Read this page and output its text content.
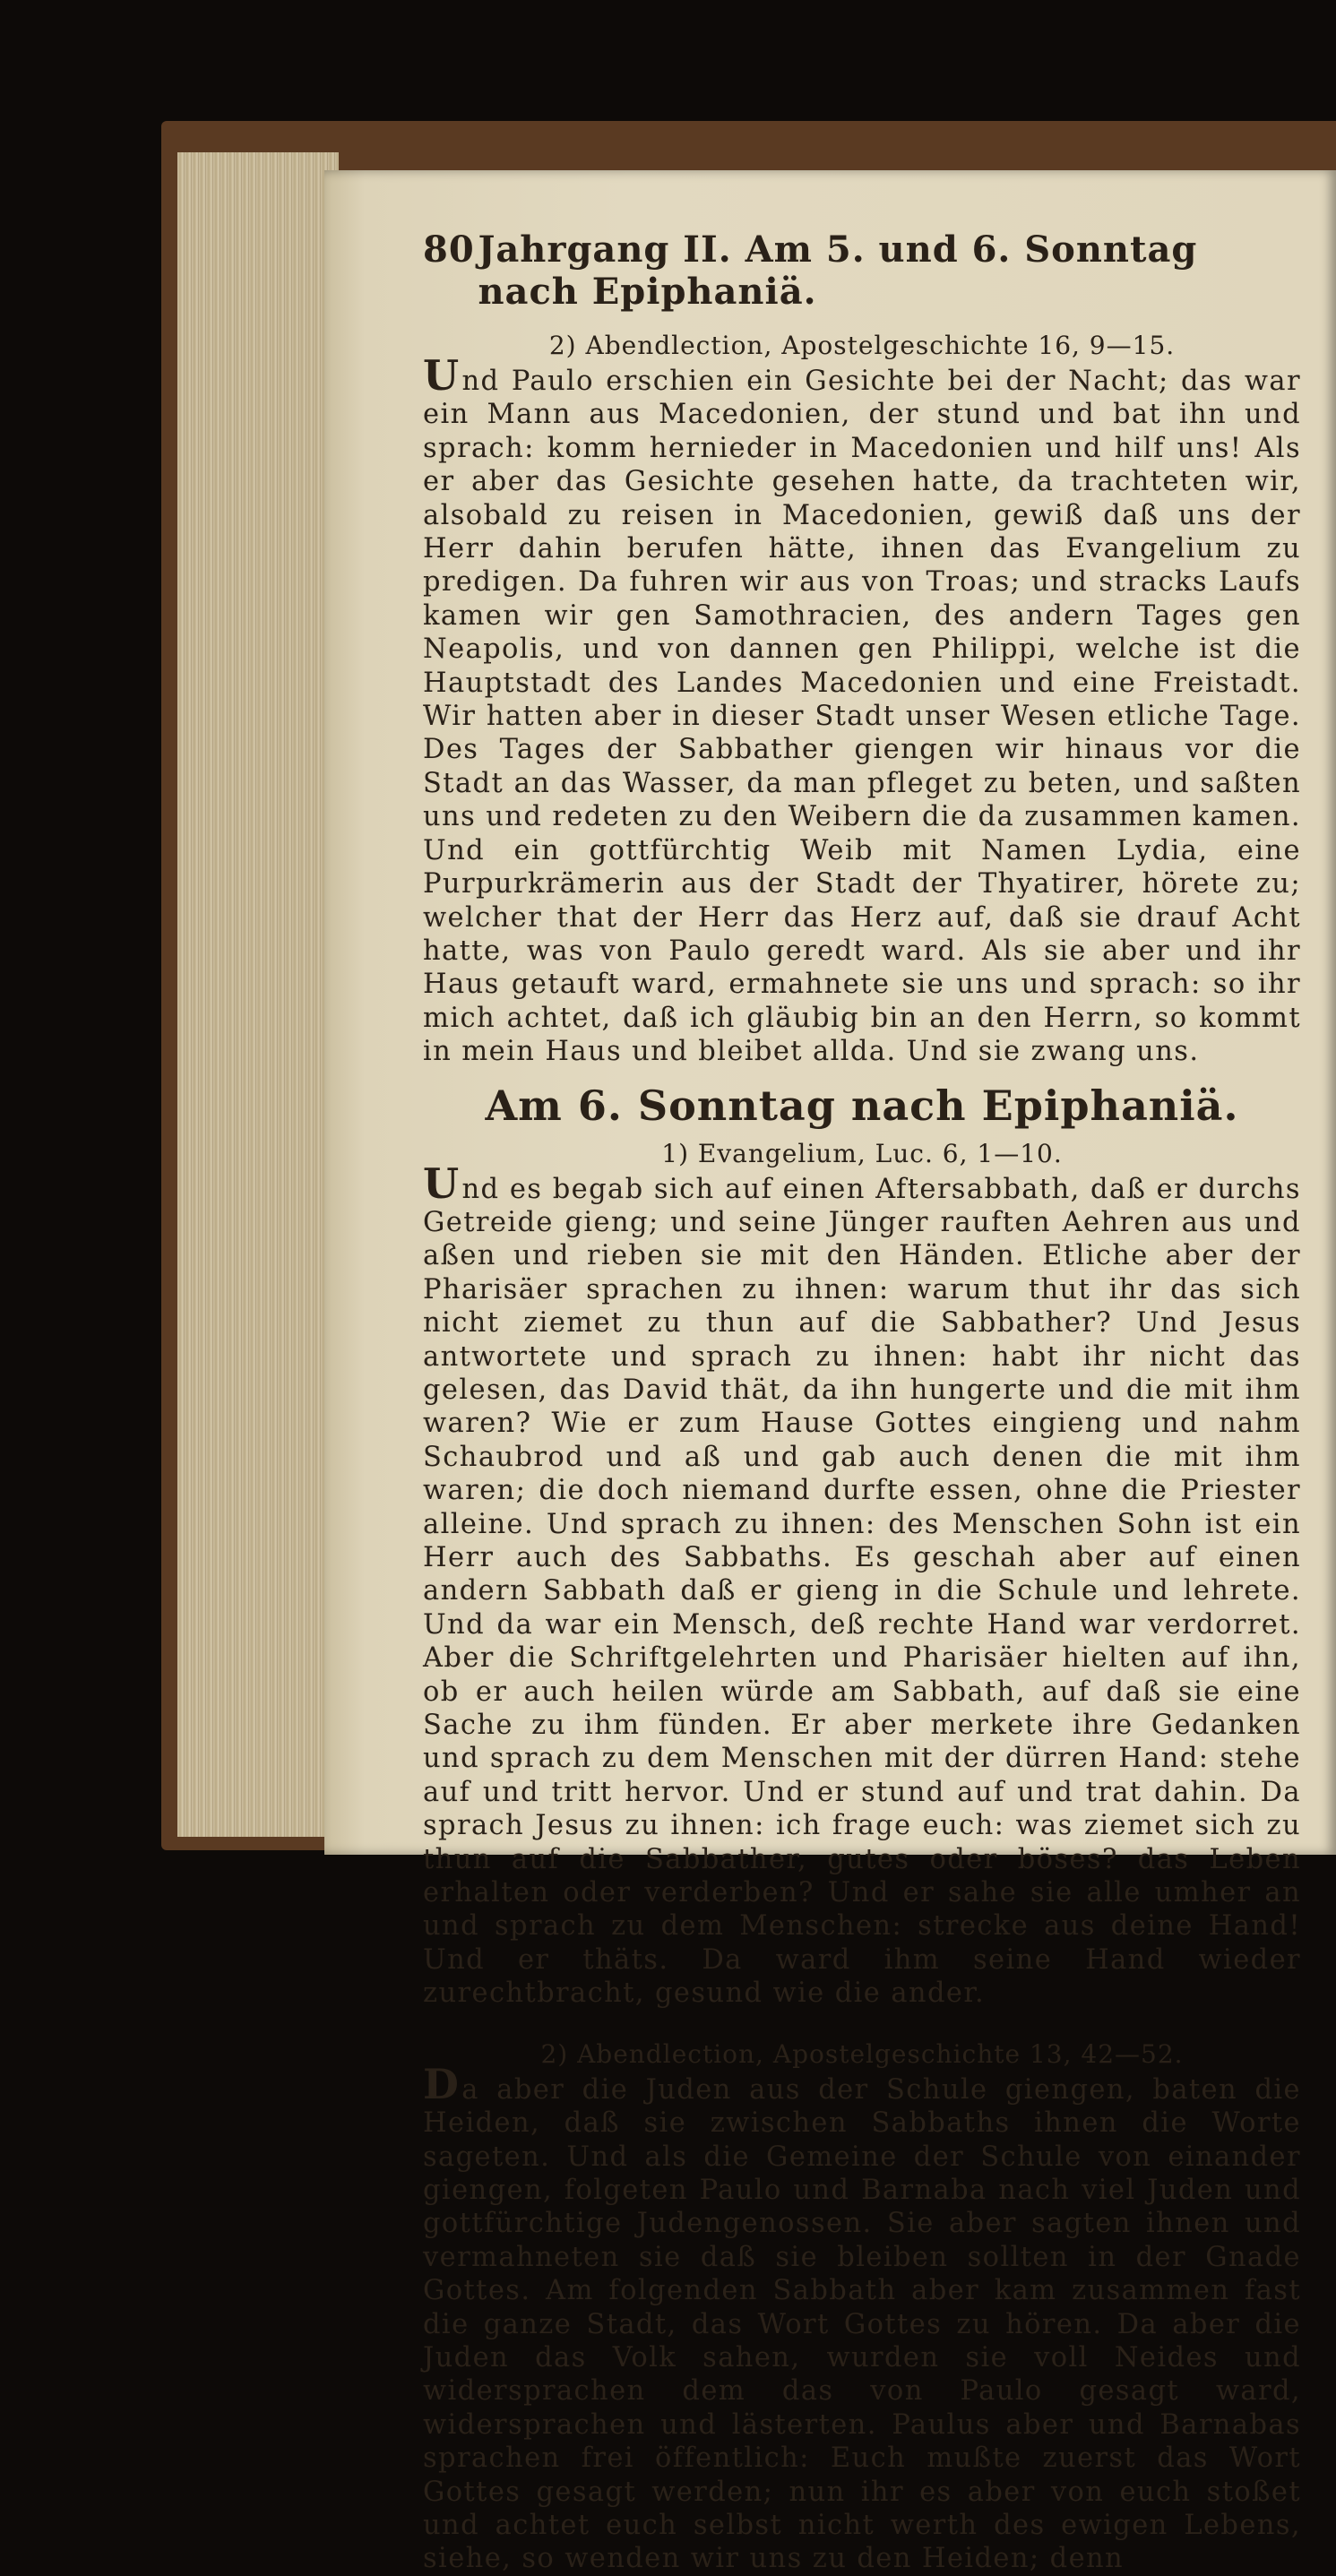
80 Jahrgang II. Am 5. und 6. Sonntag nach Epiphaniä.
2) Abendlection, Apostelgeschichte 16, 9—15.

Und Paulo erschien ein Gesichte bei der Nacht; das war ein Mann aus Macedonien, der stund und bat ihn und sprach: komm hernieder in Macedonien und hilf uns! Als er aber das Gesichte gesehen hatte, da trachteten wir, alsobald zu reisen in Macedonien, gewiß daß uns der Herr dahin berufen hätte, ihnen das Evangelium zu predigen. Da fuhren wir aus von Troas; und stracks Laufs kamen wir gen Samothracien, des andern Tages gen Neapolis, und von dannen gen Philippi, welche ist die Hauptstadt des Landes Macedonien und eine Freistadt. Wir hatten aber in dieser Stadt unser Wesen etliche Tage. Des Tages der Sabbather giengen wir hinaus vor die Stadt an das Wasser, da man pfleget zu beten, und saßten uns und redeten zu den Weibern die da zusammen kamen. Und ein gottfürchtig Weib mit Namen Lydia, eine Purpurkrämerin aus der Stadt der Thyatirer, hörete zu; welcher that der Herr das Herz auf, daß sie drauf Acht hatte, was von Paulo geredt ward. Als sie aber und ihr Haus getauft ward, ermahnete sie uns und sprach: so ihr mich achtet, daß ich gläubig bin an den Herrn, so kommt in mein Haus und bleibet allda. Und sie zwang uns.

Am 6. Sonntag nach Epiphaniä.
1) Evangelium, Luc. 6, 1—10.

Und es begab sich auf einen Aftersabbath, daß er durchs Getreide gieng; und seine Jünger rauften Aehren aus und aßen und rieben sie mit den Händen. Etliche aber der Pharisäer sprachen zu ihnen: warum thut ihr das sich nicht ziemet zu thun auf die Sabbather? Und Jesus antwortete und sprach zu ihnen: habt ihr nicht das gelesen, das David thät, da ihn hungerte und die mit ihm waren? Wie er zum Hause Gottes eingieng und nahm Schaubrod und aß und gab auch denen die mit ihm waren; die doch niemand durfte essen, ohne die Priester alleine. Und sprach zu ihnen: des Menschen Sohn ist ein Herr auch des Sabbaths. Es geschah aber auf einen andern Sabbath daß er gieng in die Schule und lehrete. Und da war ein Mensch, deß rechte Hand war verdorret. Aber die Schriftgelehrten und Pharisäer hielten auf ihn, ob er auch heilen würde am Sabbath, auf daß sie eine Sache zu ihm fünden. Er aber merkete ihre Gedanken und sprach zu dem Menschen mit der dürren Hand: stehe auf und tritt hervor. Und er stund auf und trat dahin. Da sprach Jesus zu ihnen: ich frage euch: was ziemet sich zu thun auf die Sabbather, gutes oder böses? das Leben erhalten oder verderben? Und er sahe sie alle umher an und sprach zu dem Menschen: strecke aus deine Hand! Und er thäts. Da ward ihm seine Hand wieder zurechtbracht, gesund wie die ander.

2) Abendlection, Apostelgeschichte 13, 42—52.

Da aber die Juden aus der Schule giengen, baten die Heiden, daß sie zwischen Sabbaths ihnen die Worte sageten. Und als die Gemeine der Schule von einander giengen, folgeten Paulo und Barnaba nach viel Juden und gottfürchtige Judengenossen. Sie aber sagten ihnen und vermahneten sie daß sie bleiben sollten in der Gnade Gottes. Am folgenden Sabbath aber kam zusammen fast die ganze Stadt, das Wort Gottes zu hören. Da aber die Juden das Volk sahen, wurden sie voll Neides und widersprachen dem das von Paulo gesagt ward, widersprachen und lästerten. Paulus aber und Barnabas sprachen frei öffentlich: Euch mußte zuerst das Wort Gottes gesagt werden; nun ihr es aber von euch stoßet und achtet euch selbst nicht werth des ewigen Lebens, siehe, so wenden wir uns zu den Heiden; denn
